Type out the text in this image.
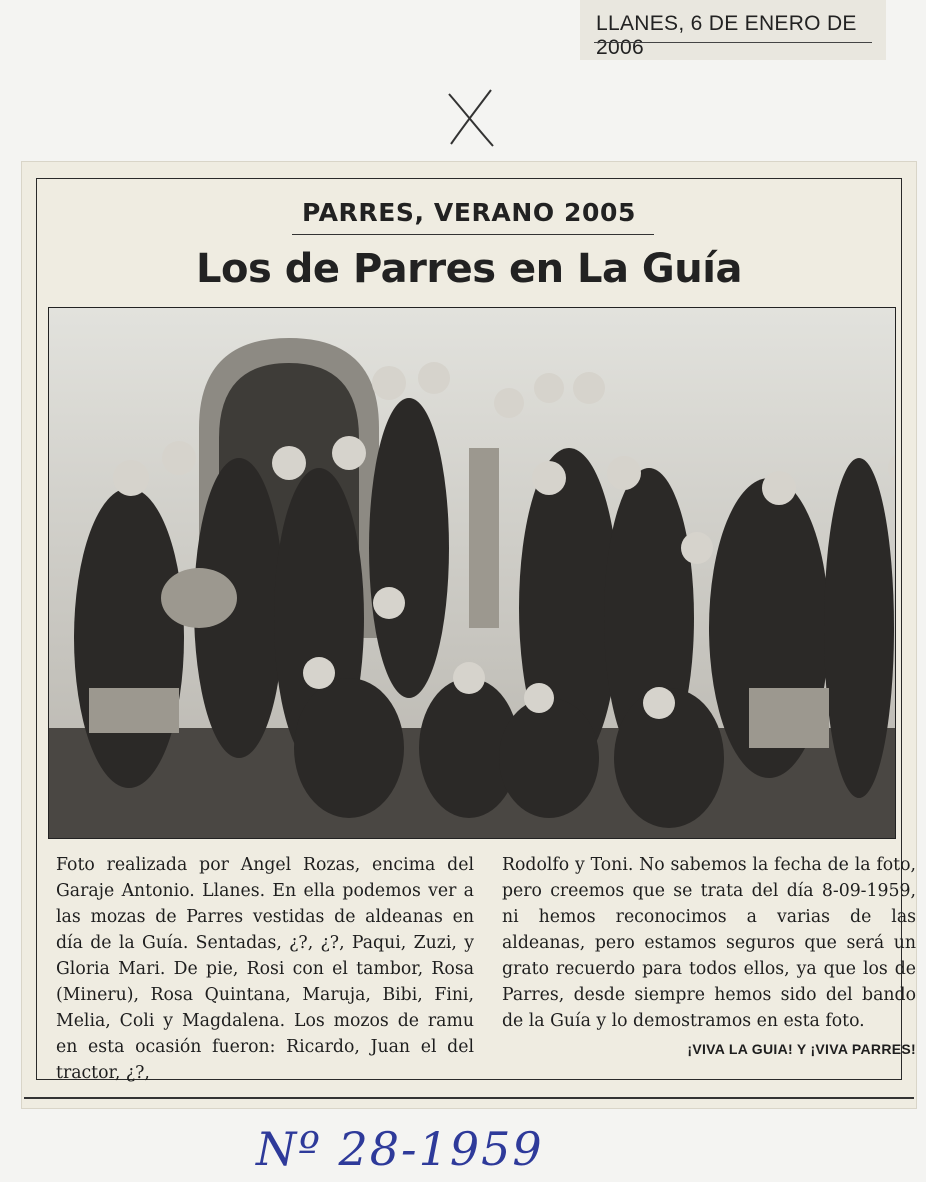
LLANES, 6 DE ENERO DE 2006
PARRES, VERANO 2005
Los de Parres en La Guía
Foto realizada por Angel Rozas, encima del Garaje Antonio. Llanes. En ella podemos ver a las mozas de Parres vestidas de aldeanas en día de la Guía. Sentadas, ¿?, ¿?, Paqui, Zuzi, y Gloria Mari. De pie, Rosi con el tambor, Rosa (Mineru), Rosa Quintana, Maruja, Bibi, Fini, Melia, Coli y Magdalena. Los mozos de ramu en esta ocasión fueron: Ricardo, Juan el del tractor, ¿?,
Rodolfo y Toni. No sabemos la fecha de la foto, pero creemos que se trata del día 8-09-1959, ni hemos reconocimos a varias de las aldeanas, pero estamos seguros que será un grato recuerdo para todos ellos, ya que los de Parres, desde siempre hemos sido del bando de la Guía y lo demostramos en esta foto.
¡VIVA LA GUIA! Y ¡VIVA PARRES!
Nº 28-1959
